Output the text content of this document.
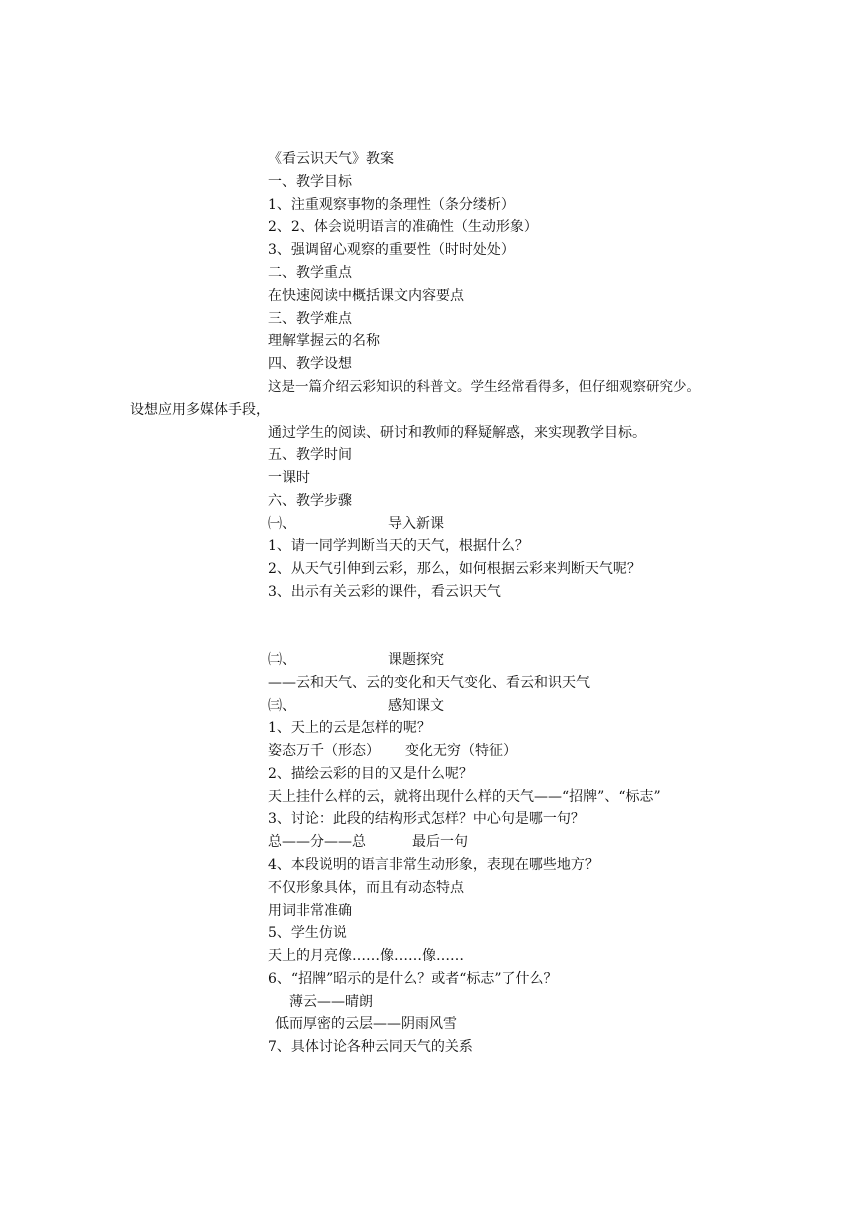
《看云识天气》教案
一、教学目标
1、注重观察事物的条理性（条分缕析）
2、2、体会说明语言的准确性（生动形象）
3、强调留心观察的重要性（时时处处）
二、教学重点
在快速阅读中概括课文内容要点
三、教学难点
理解掌握云的名称
四、教学设想
这是一篇介绍云彩知识的科普文。学生经常看得多，但仔细观察研究少。
设想应用多媒体手段，
通过学生的阅读、研讨和教师的释疑解惑，来实现教学目标。
五、教学时间
一课时
六、教学步骤
㈠、	导入新课
1、请一同学判断当天的天气，根据什么？
2、从天气引伸到云彩，那么，如何根据云彩来判断天气呢？
3、出示有关云彩的课件，看云识天气
㈡、	课题探究
——云和天气、云的变化和天气变化、看云和识天气
㈢、	感知课文
1、天上的云是怎样的呢？
姿态万千（形态） 变化无穷（特征）
2、描绘云彩的目的又是什么呢？
天上挂什么样的云，就将出现什么样的天气——“招牌”、“标志”
3、讨论：此段的结构形式怎样？中心句是哪一句？
总——分——总	最后一句
4、本段说明的语言非常生动形象，表现在哪些地方？
不仅形象具体，而且有动态特点
用词非常准确
5、学生仿说
天上的月亮像……像……像……
6、“招牌”昭示的是什么？或者“标志”了什么？
薄云——晴朗
低而厚密的云层——阴雨风雪
7、具体讨论各种云同天气的关系
